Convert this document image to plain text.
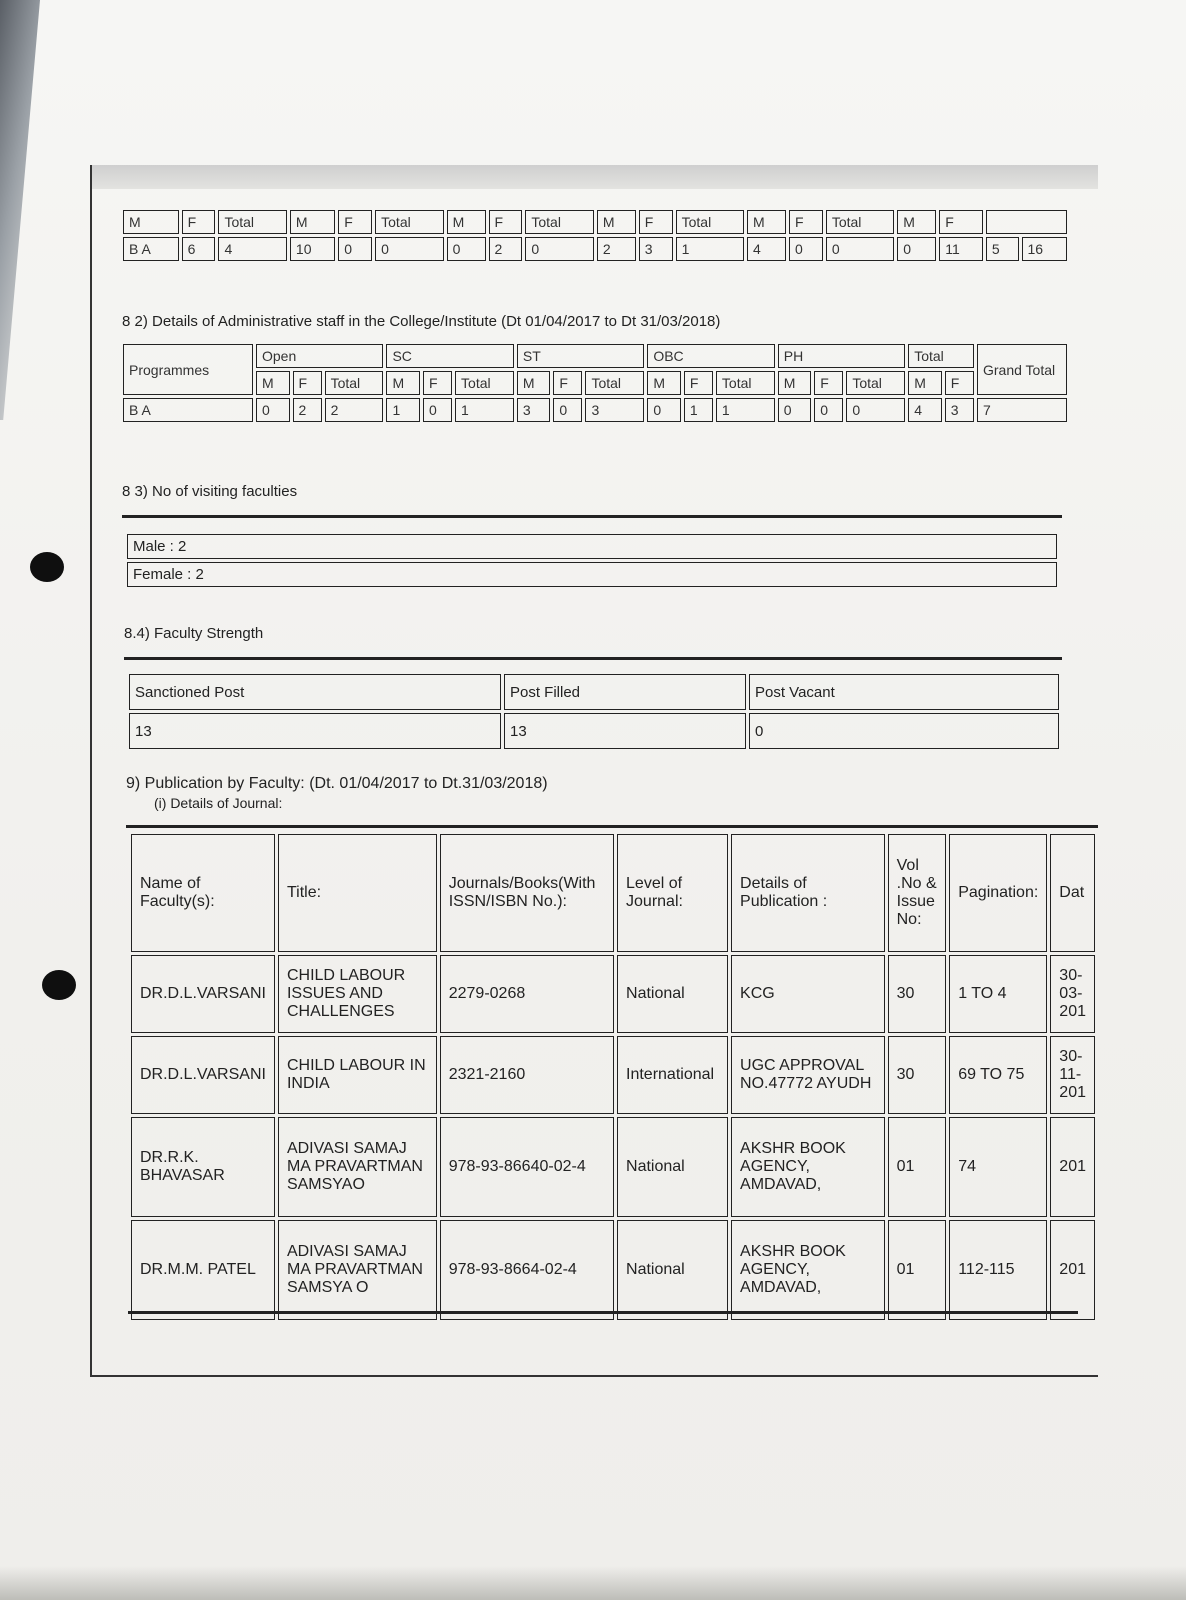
M	F	Total	M	F	Total	M	F	Total	M	F	Total	M	F	Total	M	F		
B A	6	4	10	0	0	0	2	0	2	3	1	4	0	0	0	11	5	16
8 2) Details of Administrative staff in the College/Institute (Dt 01/04/2017 to Dt 31/03/2018)
Programmes	Open			SC			ST			OBC			PH			Total		Grand Total
	M	F	Total	M	F	Total	M	F	Total	M	F	Total	M	F	Total	M	F	
B A	0	2	2	1	0	1	3	0	3	0	1	1	0	0	0	4	3	7
8 3) No of visiting faculties
Male : 2
Female : 2
8.4) Faculty Strength
Sanctioned Post	Post Filled	Post Vacant
13	13	0
9) Publication by Faculty: (Dt. 01/04/2017 to Dt.31/03/2018)
(i) Details of Journal:
Name of Faculty(s):	Title:	Journals/Books(With ISSN/ISBN No.):	Level of Journal:	Details of Publication :	Vol .No & Issue No:	Pagination:	Dat
DR.D.L.VARSANI	CHILD LABOUR ISSUES AND CHALLENGES	2279-0268	National	KCG	30	1 TO 4	30-03-201
DR.D.L.VARSANI	CHILD LABOUR IN INDIA	2321-2160	International	UGC APPROVAL NO.47772 AYUDH	30	69 TO 75	30-11-201
DR.R.K. BHAVASAR	ADIVASI SAMAJ MA PRAVARTMAN SAMSYAO	978-93-86640-02-4	National	AKSHR BOOK AGENCY, AMDAVAD,	01	74	201
DR.M.M. PATEL	ADIVASI SAMAJ MA PRAVARTMAN SAMSYA O	978-93-8664-02-4	National	AKSHR BOOK AGENCY, AMDAVAD,	01	112-115	201
